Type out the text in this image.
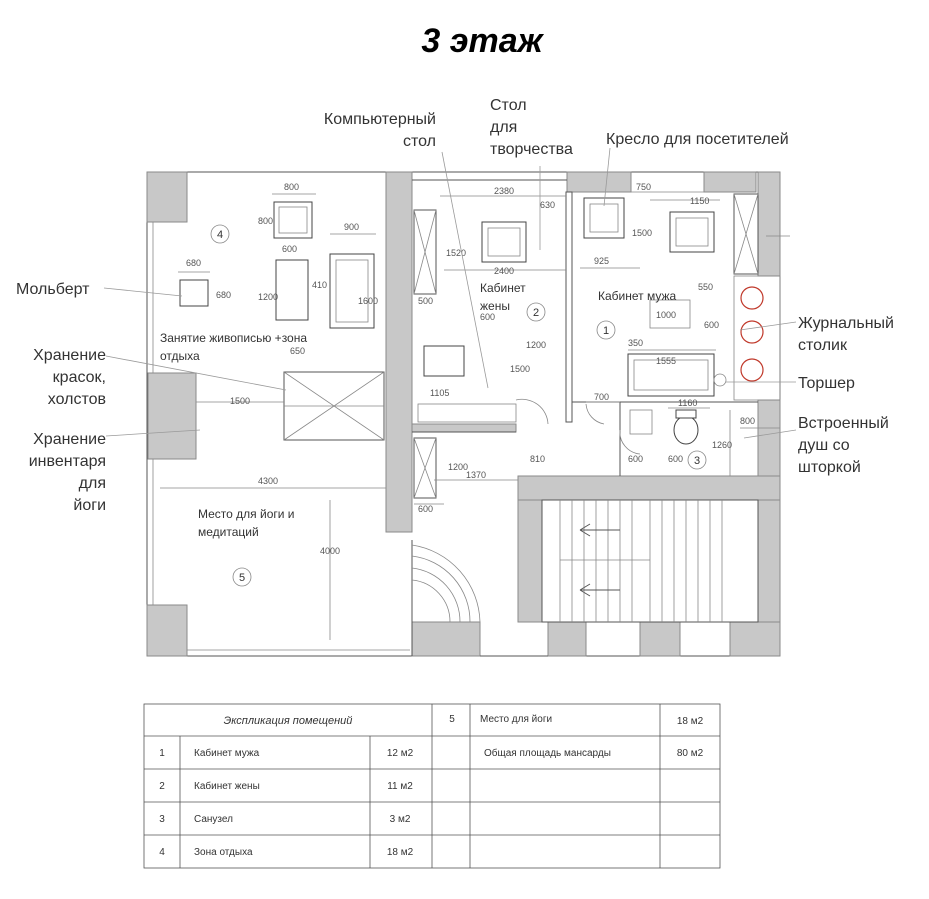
3 этаж
800
800
600
900
680
680	1200
410
1600
650
1500
4300
4000
2380
630
1520
2400
500
600
1200
1500
1105
1370
600
1200
810
1500
925
750
1150
550
1000
600
350
1555
700
1160
800
600	600
1260
Занятие живописью +зона
отдыха
Кабинет
жены
Кабинет мужа
Место для йоги и
медитаций
1
2
3
4
5
Компьютерный
стол
Стол
для
творчества
Кресло для посетителей
Мольберт
Хранение
красок,
холстов
Хранение
инвентаря
для
йоги
Журнальный
столик
Торшер
Встроенный
душ со
шторкой
Экспликация помещений
1	Кабинет мужа	12 м2
2	Кабинет жены	11 м2
3	Санузел	3 м2
4	Зона отдыха	18 м2
5	Место для йоги	18 м2
Общая площадь мансарды	80 м2
